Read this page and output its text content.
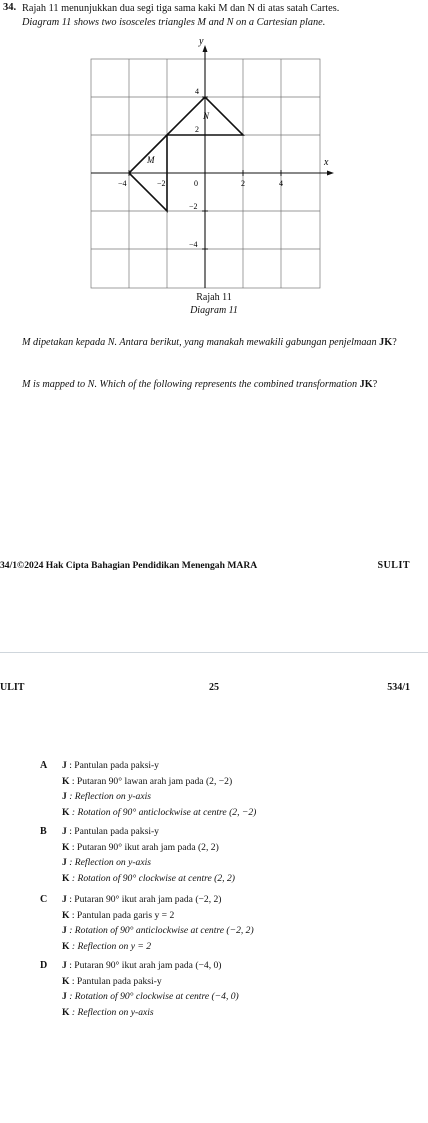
34. Rajah 11 menunjukkan dua segi tiga sama kaki M dan N di atas satah Cartes.
Diagram 11 shows two isosceles triangles M and N on a Cartesian plane.
y
x
N
M
−4	−2	0	2	4
4
2
−2
−4
Rajah 11
Diagram 11
M dipetakan kepada N. Antara berikut, yang manakah mewakili gabungan penjelmaan JK?
M is mapped to N. Which of the following represents the combined transformation JK?
34/1©2024 Hak Cipta Bahagian Pendidikan Menengah MARA	SULIT
ULIT	25	534/1
A J : Pantulan pada paksi-y
K : Putaran 90° lawan arah jam pada (2, −2)
J : Reflection on y-axis
K : Rotation of 90° anticlockwise at centre (2, −2)
B J : Pantulan pada paksi-y
K : Putaran 90° ikut arah jam pada (2, 2)
J : Reflection on y-axis
K : Rotation of 90° clockwise at centre (2, 2)
C J : Putaran 90° ikut arah jam pada (−2, 2)
K : Pantulan pada garis y = 2
J : Rotation of 90° anticlockwise at centre (−2, 2)
K : Reflection on y = 2
D J : Putaran 90° ikut arah jam pada (−4, 0)
K : Pantulan pada paksi-y
J : Rotation of 90° clockwise at centre (−4, 0)
K : Reflection on y-axis
